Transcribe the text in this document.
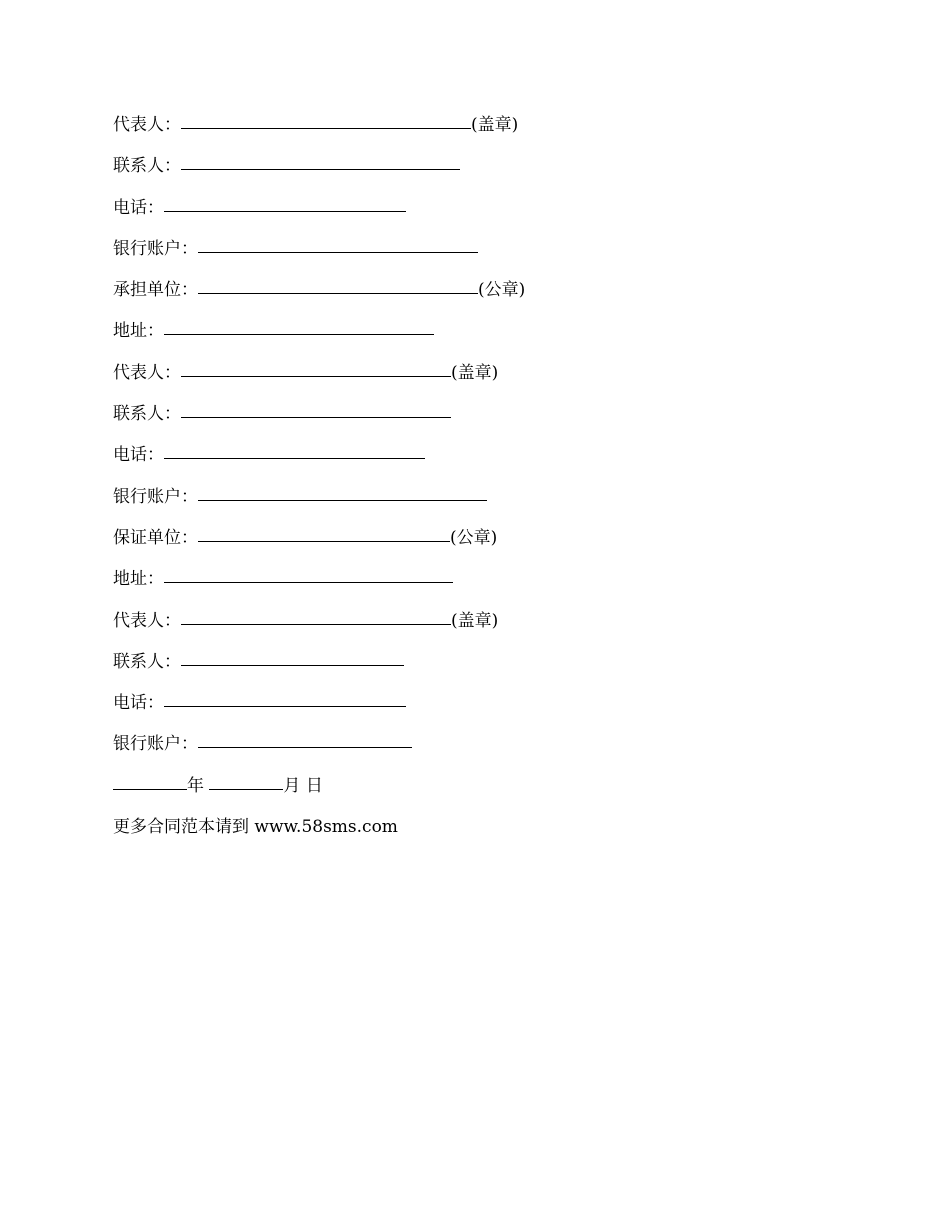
代表人：	(盖章)
联系人：
电话：
银行账户：
承担单位：	(公章)
地址：
代表人：	(盖章)
联系人：
电话：
银行账户：
保证单位：	(公章)
地址：
代表人：	(盖章)
联系人：
电话：
银行账户：
年	月 日
更多合同范本请到 www.58sms.com
